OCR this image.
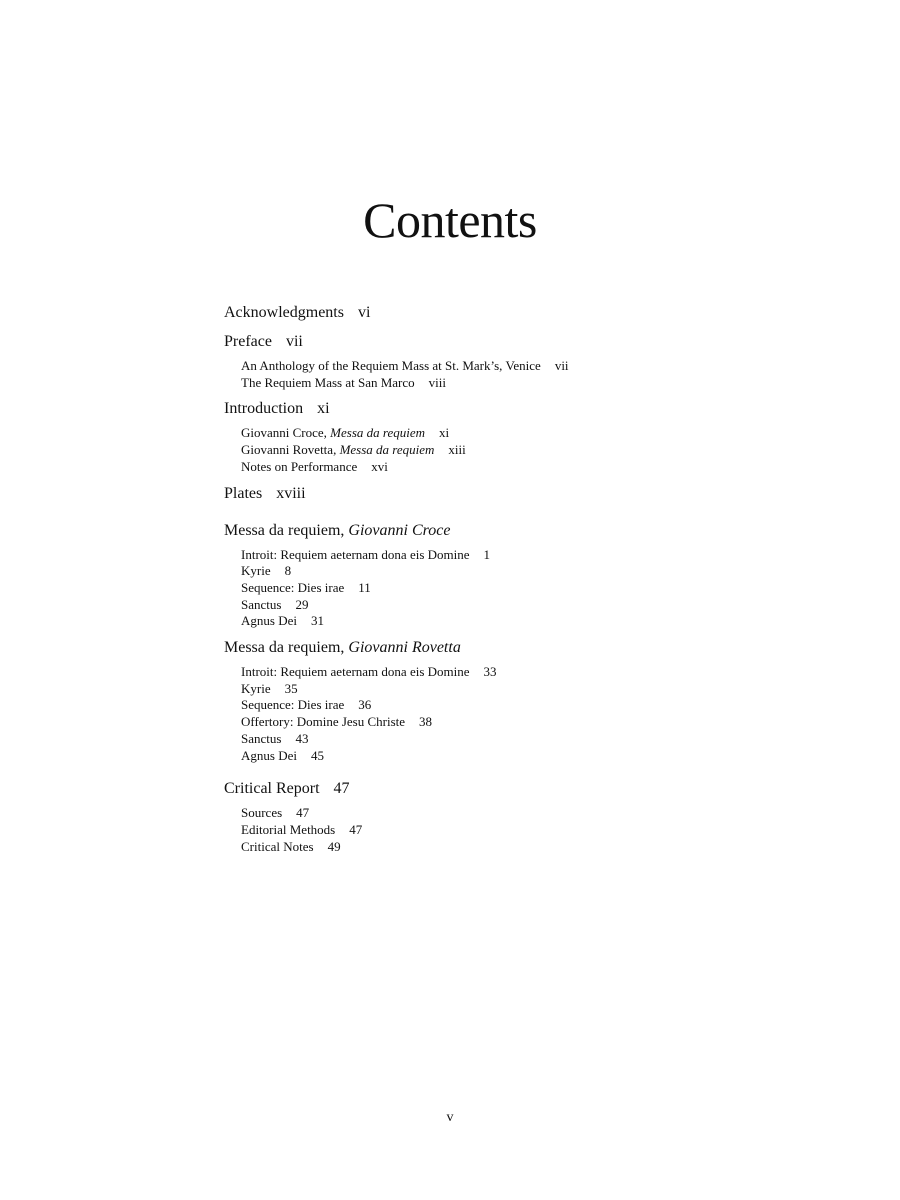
Contents
Acknowledgments vi
Preface vii
An Anthology of the Requiem Mass at St. Mark’s, Venice vii
The Requiem Mass at San Marco viii
Introduction xi
Giovanni Croce, Messa da requiem xi
Giovanni Rovetta, Messa da requiem xiii
Notes on Performance xvi
Plates xviii
Messa da requiem, Giovanni Croce
Introit: Requiem aeternam dona eis Domine 1
Kyrie 8
Sequence: Dies irae 11
Sanctus 29
Agnus Dei 31
Messa da requiem, Giovanni Rovetta
Introit: Requiem aeternam dona eis Domine 33
Kyrie 35
Sequence: Dies irae 36
Offertory: Domine Jesu Christe 38
Sanctus 43
Agnus Dei 45
Critical Report 47
Sources 47
Editorial Methods 47
Critical Notes 49
v
